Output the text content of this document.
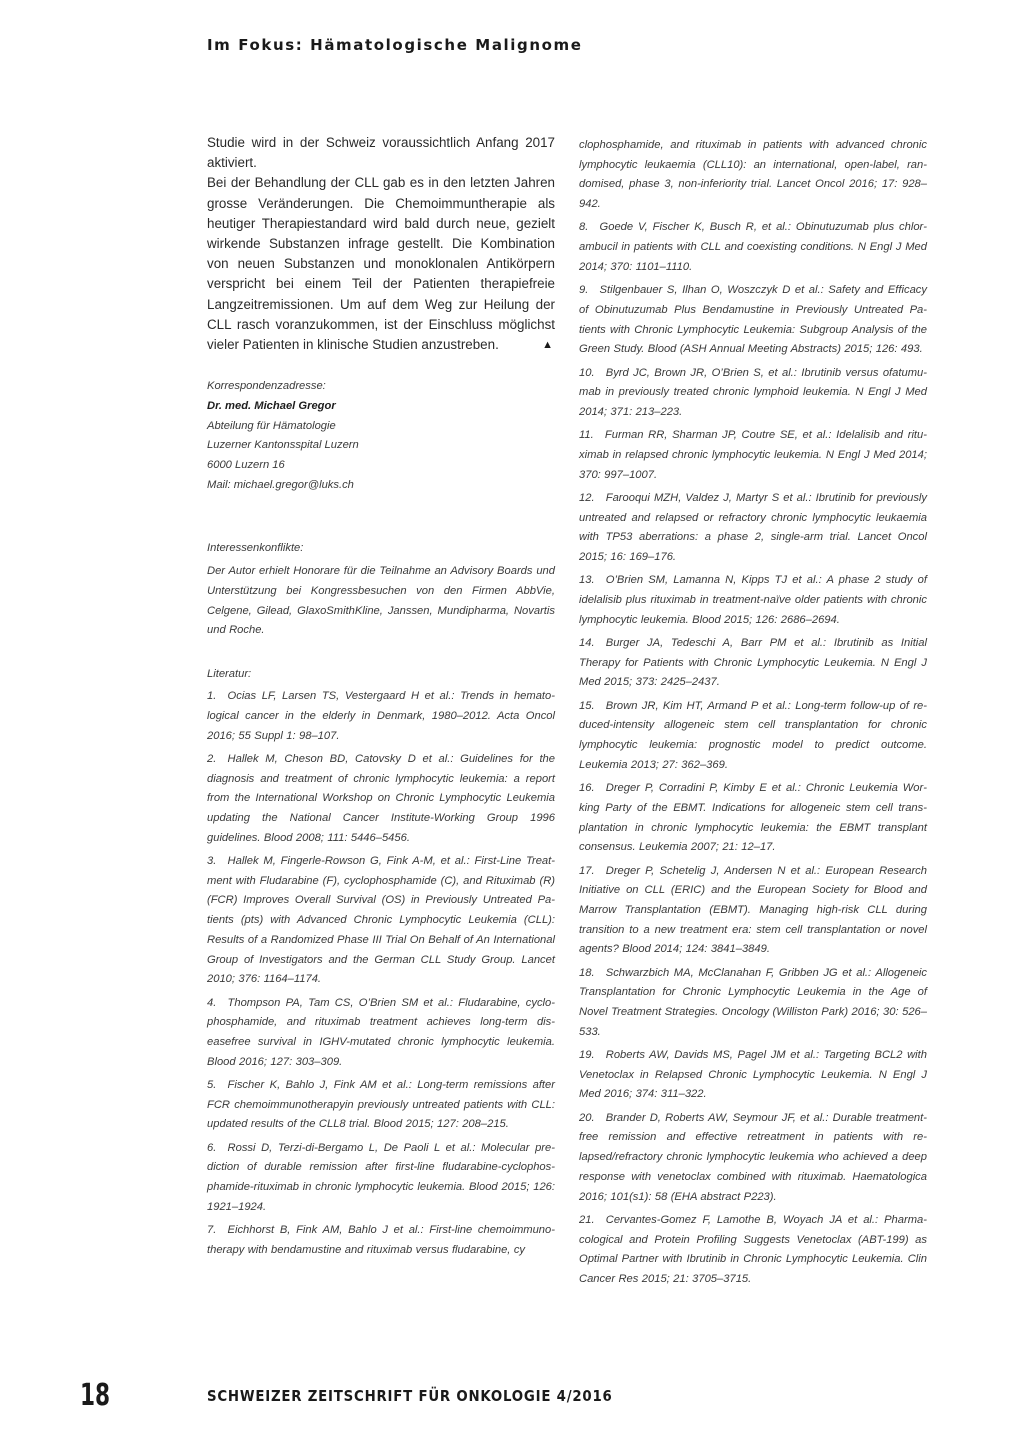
Im Fokus: Hämatologische Malignome

Studie wird in der Schweiz voraussichtlich Anfang 2017 aktiviert.

Bei der Behandlung der CLL gab es in den letzten Jahren grosse Veränderungen. Die Chemoimmuntherapie als heutiger Therapiestandard wird bald durch neue, gezielt wirkende Substanzen infrage gestellt. Die Kombination von neuen Substanzen und monoklonalen Antikörpern verspricht bei einem Teil der Patienten therapiefreie Langzeitremissionen. Um auf dem Weg zur Heilung der CLL rasch voranzukommen, ist der Einschluss möglichst vieler Patienten in klinische Studien anzustreben.	▲

Korrespondenzadresse:

Dr. med. Michael Gregor

Abteilung für Hämatologie

Luzerner Kantonsspital Luzern

6000 Luzern 16

Mail: michael.gregor@luks.ch

Interessenkonflikte:

Der Autor erhielt Honorare für die Teilnahme an Advisory Boards und Unterstützung bei Kongressbesuchen von den Firmen AbbVie, Celgene, Gilead, GlaxoSmithKline, Janssen, Mundipharma, Novartis und Roche.

Literatur:

1. Ocias LF, Larsen TS, Vestergaard H et al.: Trends in hematological cancer in the elderly in Denmark, 1980–2012. Acta Oncol 2016; 55 Suppl 1: 98–107.

2. Hallek M, Cheson BD, Catovsky D et al.: Guidelines for the diagnosis and treatment of chronic lymphocytic leukemia: a report from the International Workshop on Chronic Lymphocytic Leukemia updating the National Cancer Institute-Working Group 1996 guidelines. Blood 2008; 111: 5446–5456.

3. Hallek M, Fingerle-Rowson G, Fink A-M, et al.: First-Line Treatment with Fludarabine (F), cyclophosphamide (C), and Rituximab (R) (FCR) Improves Overall Survival (OS) in Previously Untreated Patients (pts) with Advanced Chronic Lymphocytic Leukemia (CLL): Results of a Randomized Phase III Trial On Behalf of An International Group of Investigators and the German CLL Study Group. Lancet 2010; 376: 1164–1174.

4. Thompson PA, Tam CS, O’Brien SM et al.: Fludarabine, cyclophosphamide, and rituximab treatment achieves long-term diseasefree survival in IGHV-mutated chronic lymphocytic leukemia. Blood 2016; 127: 303–309.

5. Fischer K, Bahlo J, Fink AM et al.: Long-term remissions after FCR chemoimmunotherapyin previously untreated patients with CLL: updated results of the CLL8 trial. Blood 2015; 127: 208–215.

6. Rossi D, Terzi-di-Bergamo L, De Paoli L et al.: Molecular prediction of durable remission after first-line fludarabine-cyclophosphamide-rituximab in chronic lymphocytic leukemia. Blood 2015; 126: 1921–1924.

7. Eichhorst B, Fink AM, Bahlo J et al.: First-line chemoimmunotherapy with bendamustine and rituximab versus fludarabine, cy

clophosphamide, and rituximab in patients with advanced chronic lymphocytic leukaemia (CLL10): an international, open-label, randomised, phase 3, non-inferiority trial. Lancet Oncol 2016; 17: 928–942.

8. Goede V, Fischer K, Busch R, et al.: Obinutuzumab plus chlorambucil in patients with CLL and coexisting conditions. N Engl J Med 2014; 370: 1101–1110.

9. Stilgenbauer S, Ilhan O, Woszczyk D et al.: Safety and Efficacy of Obinutuzumab Plus Bendamustine in Previously Untreated Patients with Chronic Lymphocytic Leukemia: Subgroup Analysis of the Green Study. Blood (ASH Annual Meeting Abstracts) 2015; 126: 493.

10. Byrd JC, Brown JR, O’Brien S, et al.: Ibrutinib versus ofatumumab in previously treated chronic lymphoid leukemia. N Engl J Med 2014; 371: 213–223.

11. Furman RR, Sharman JP, Coutre SE, et al.: Idelalisib and rituximab in relapsed chronic lymphocytic leukemia. N Engl J Med 2014; 370: 997–1007.

12. Farooqui MZH, Valdez J, Martyr S et al.: Ibrutinib for previously untreated and relapsed or refractory chronic lymphocytic leukaemia with TP53 aberrations: a phase 2, single-arm trial. Lancet Oncol 2015; 16: 169–176.

13. O’Brien SM, Lamanna N, Kipps TJ et al.: A phase 2 study of idelalisib plus rituximab in treatment-naïve older patients with chronic lymphocytic leukemia. Blood 2015; 126: 2686–2694.

14. Burger JA, Tedeschi A, Barr PM et al.: Ibrutinib as Initial Therapy for Patients with Chronic Lymphocytic Leukemia. N Engl J Med 2015; 373: 2425–2437.

15. Brown JR, Kim HT, Armand P et al.: Long-term follow-up of reduced-intensity allogeneic stem cell transplantation for chronic lymphocytic leukemia: prognostic model to predict outcome. Leukemia 2013; 27: 362–369.

16. Dreger P, Corradini P, Kimby E et al.: Chronic Leukemia Working Party of the EBMT. Indications for allogeneic stem cell transplantation in chronic lymphocytic leukemia: the EBMT transplant consensus. Leukemia 2007; 21: 12–17.

17. Dreger P, Schetelig J, Andersen N et al.: European Research Initiative on CLL (ERIC) and the European Society for Blood and Marrow Transplantation (EBMT). Managing high-risk CLL during transition to a new treatment era: stem cell transplantation or novel agents? Blood 2014; 124: 3841–3849.

18. Schwarzbich MA, McClanahan F, Gribben JG et al.: Allogeneic Transplantation for Chronic Lymphocytic Leukemia in the Age of Novel Treatment Strategies. Oncology (Williston Park) 2016; 30: 526–533.

19. Roberts AW, Davids MS, Pagel JM et al.: Targeting BCL2 with Venetoclax in Relapsed Chronic Lymphocytic Leukemia. N Engl J Med 2016; 374: 311–322.

20. Brander D, Roberts AW, Seymour JF, et al.: Durable treatment-free remission and effective retreatment in patients with relapsed/refractory chronic lymphocytic leukemia who achieved a deep response with venetoclax combined with rituximab. Haematologica 2016; 101(s1): 58 (EHA abstract P223).

21. Cervantes-Gomez F, Lamothe B, Woyach JA et al.: Pharmacological and Protein Profiling Suggests Venetoclax (ABT-199) as Optimal Partner with Ibrutinib in Chronic Lymphocytic Leukemia. Clin Cancer Res 2015; 21: 3705–3715.

18	SCHWEIZER ZEITSCHRIFT FÜR ONKOLOGIE 4/2016
